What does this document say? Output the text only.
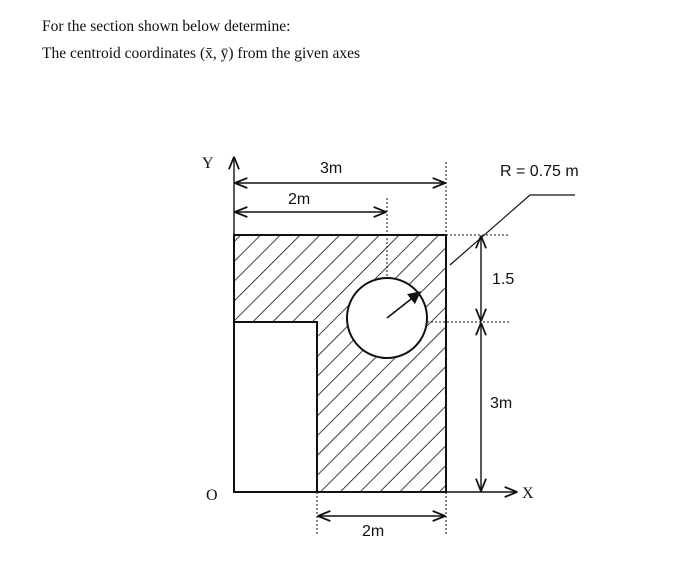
For the section shown below determine:
The centroid coordinates (x̄, ȳ) from the given axes
Y
X
O
3m
2m
2m
1.5
3m
R = 0.75 m
